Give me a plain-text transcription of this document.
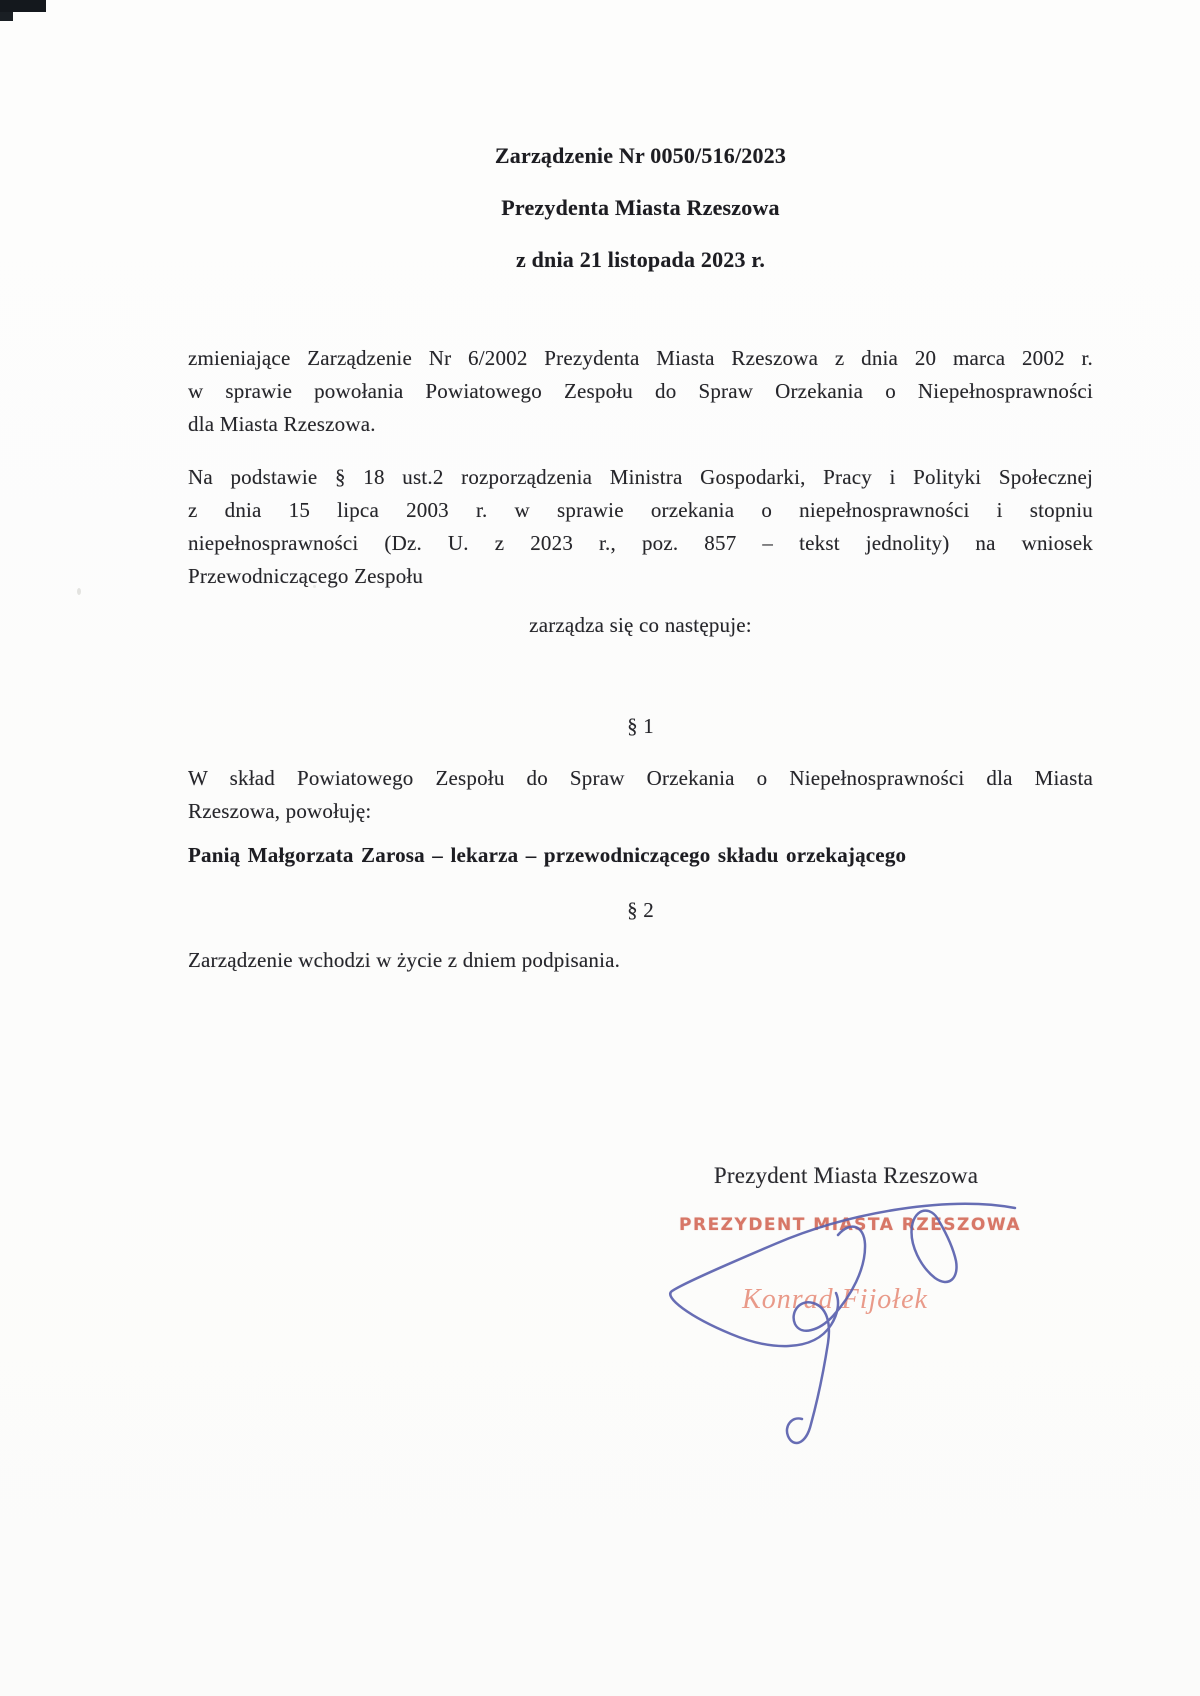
Zarządzenie Nr 0050/516/2023
Prezydenta Miasta Rzeszowa
z dnia 21 listopada 2023 r.
zmieniające Zarządzenie Nr 6/2002 Prezydenta Miasta Rzeszowa z dnia 20 marca 2002 r.
w sprawie powołania Powiatowego Zespołu do Spraw Orzekania o Niepełnosprawności
dla Miasta Rzeszowa.
Na podstawie § 18 ust.2 rozporządzenia Ministra Gospodarki, Pracy i Polityki Społecznej
z dnia 15 lipca 2003 r. w sprawie orzekania o niepełnosprawności i stopniu
niepełnosprawności (Dz. U. z 2023 r., poz. 857 – tekst jednolity) na wniosek
Przewodniczącego Zespołu
zarządza się co następuje:
§ 1
W skład Powiatowego Zespołu do Spraw Orzekania o Niepełnosprawności dla Miasta
Rzeszowa, powołuję:
Panią Małgorzata Zarosa – lekarza – przewodniczącego składu orzekającego
§ 2
Zarządzenie wchodzi w życie z dniem podpisania.
Prezydent Miasta Rzeszowa
PREZYDENT MIASTA RZESZOWA
Konrad Fijołek
